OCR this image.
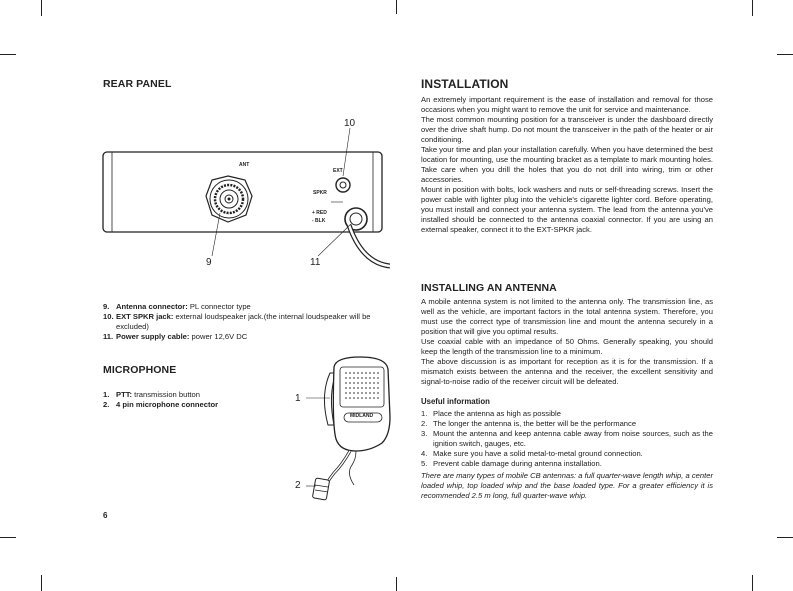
REAR PANEL
ANT
EXT
SPKR
+ RED
- BLK
10
9	11
9. Antenna connector: PL connector type
10. EXT SPKR jack: external loudspeaker jack.(the internal loudspeaker will be excluded)
11. Power supply cable: power 12,6V DC
MICROPHONE
1. PTT: transmission button
2. 4 pin microphone connector
MIDLAND
1
2
6
INSTALLATION

An extremely important requirement is the ease of installation and removal for those occasions when you might want to remove the unit for service and maintenance.

The most common mounting position for a transceiver is under the dashboard directly over the drive shaft hump. Do not mount the transceiver in the path of the heater or air conditioning.

Take your time and plan your installation carefully. When you have determined the best location for mounting, use the mounting bracket as a template to mark mounting holes. Take care when you drill the holes that you do not drill into wiring, trim or other accessories.

Mount in position with bolts, lock washers and nuts or self-threading screws. Insert the power cable with lighter plug into the vehicle's cigarette lighter cord. Before operating, you must install and connect your antenna system. The lead from the antenna you've installed should be connected to the antenna coaxial connector. If you are using an external speaker, connect it to the EXT-SPKR jack.

INSTALLING AN ANTENNA

A mobile antenna system is not limited to the antenna only. The transmission line, as well as the vehicle, are important factors in the total antenna system. Therefore, you must use the correct type of transmission line and mount the antenna securely in a position that will give you optimal results.

Use coaxial cable with an impedance of 50 Ohms. Generally speaking, you should keep the length of the transmission line to a minimum.

The above discussion is as important for reception as it is for the transmission. If a mismatch exists between the antenna and the receiver, the excellent sensitivity and signal-to-noise radio of the receiver circuit will be defeated.

Useful information
1. Place the antenna as high as possible
2. The longer the antenna is, the better will be the performance
3. Mount the antenna and keep antenna cable away from noise sources, such as the ignition switch, gauges, etc.
4. Make sure you have a solid metal-to-metal ground connection.
5. Prevent cable damage during antenna installation.
There are many types of mobile CB antennas: a full quarter-wave length whip, a center loaded whip, top loaded whip and the base loaded type. For a greater efficiency it is recommended 2.5 m long, full quarter-wave whip.
